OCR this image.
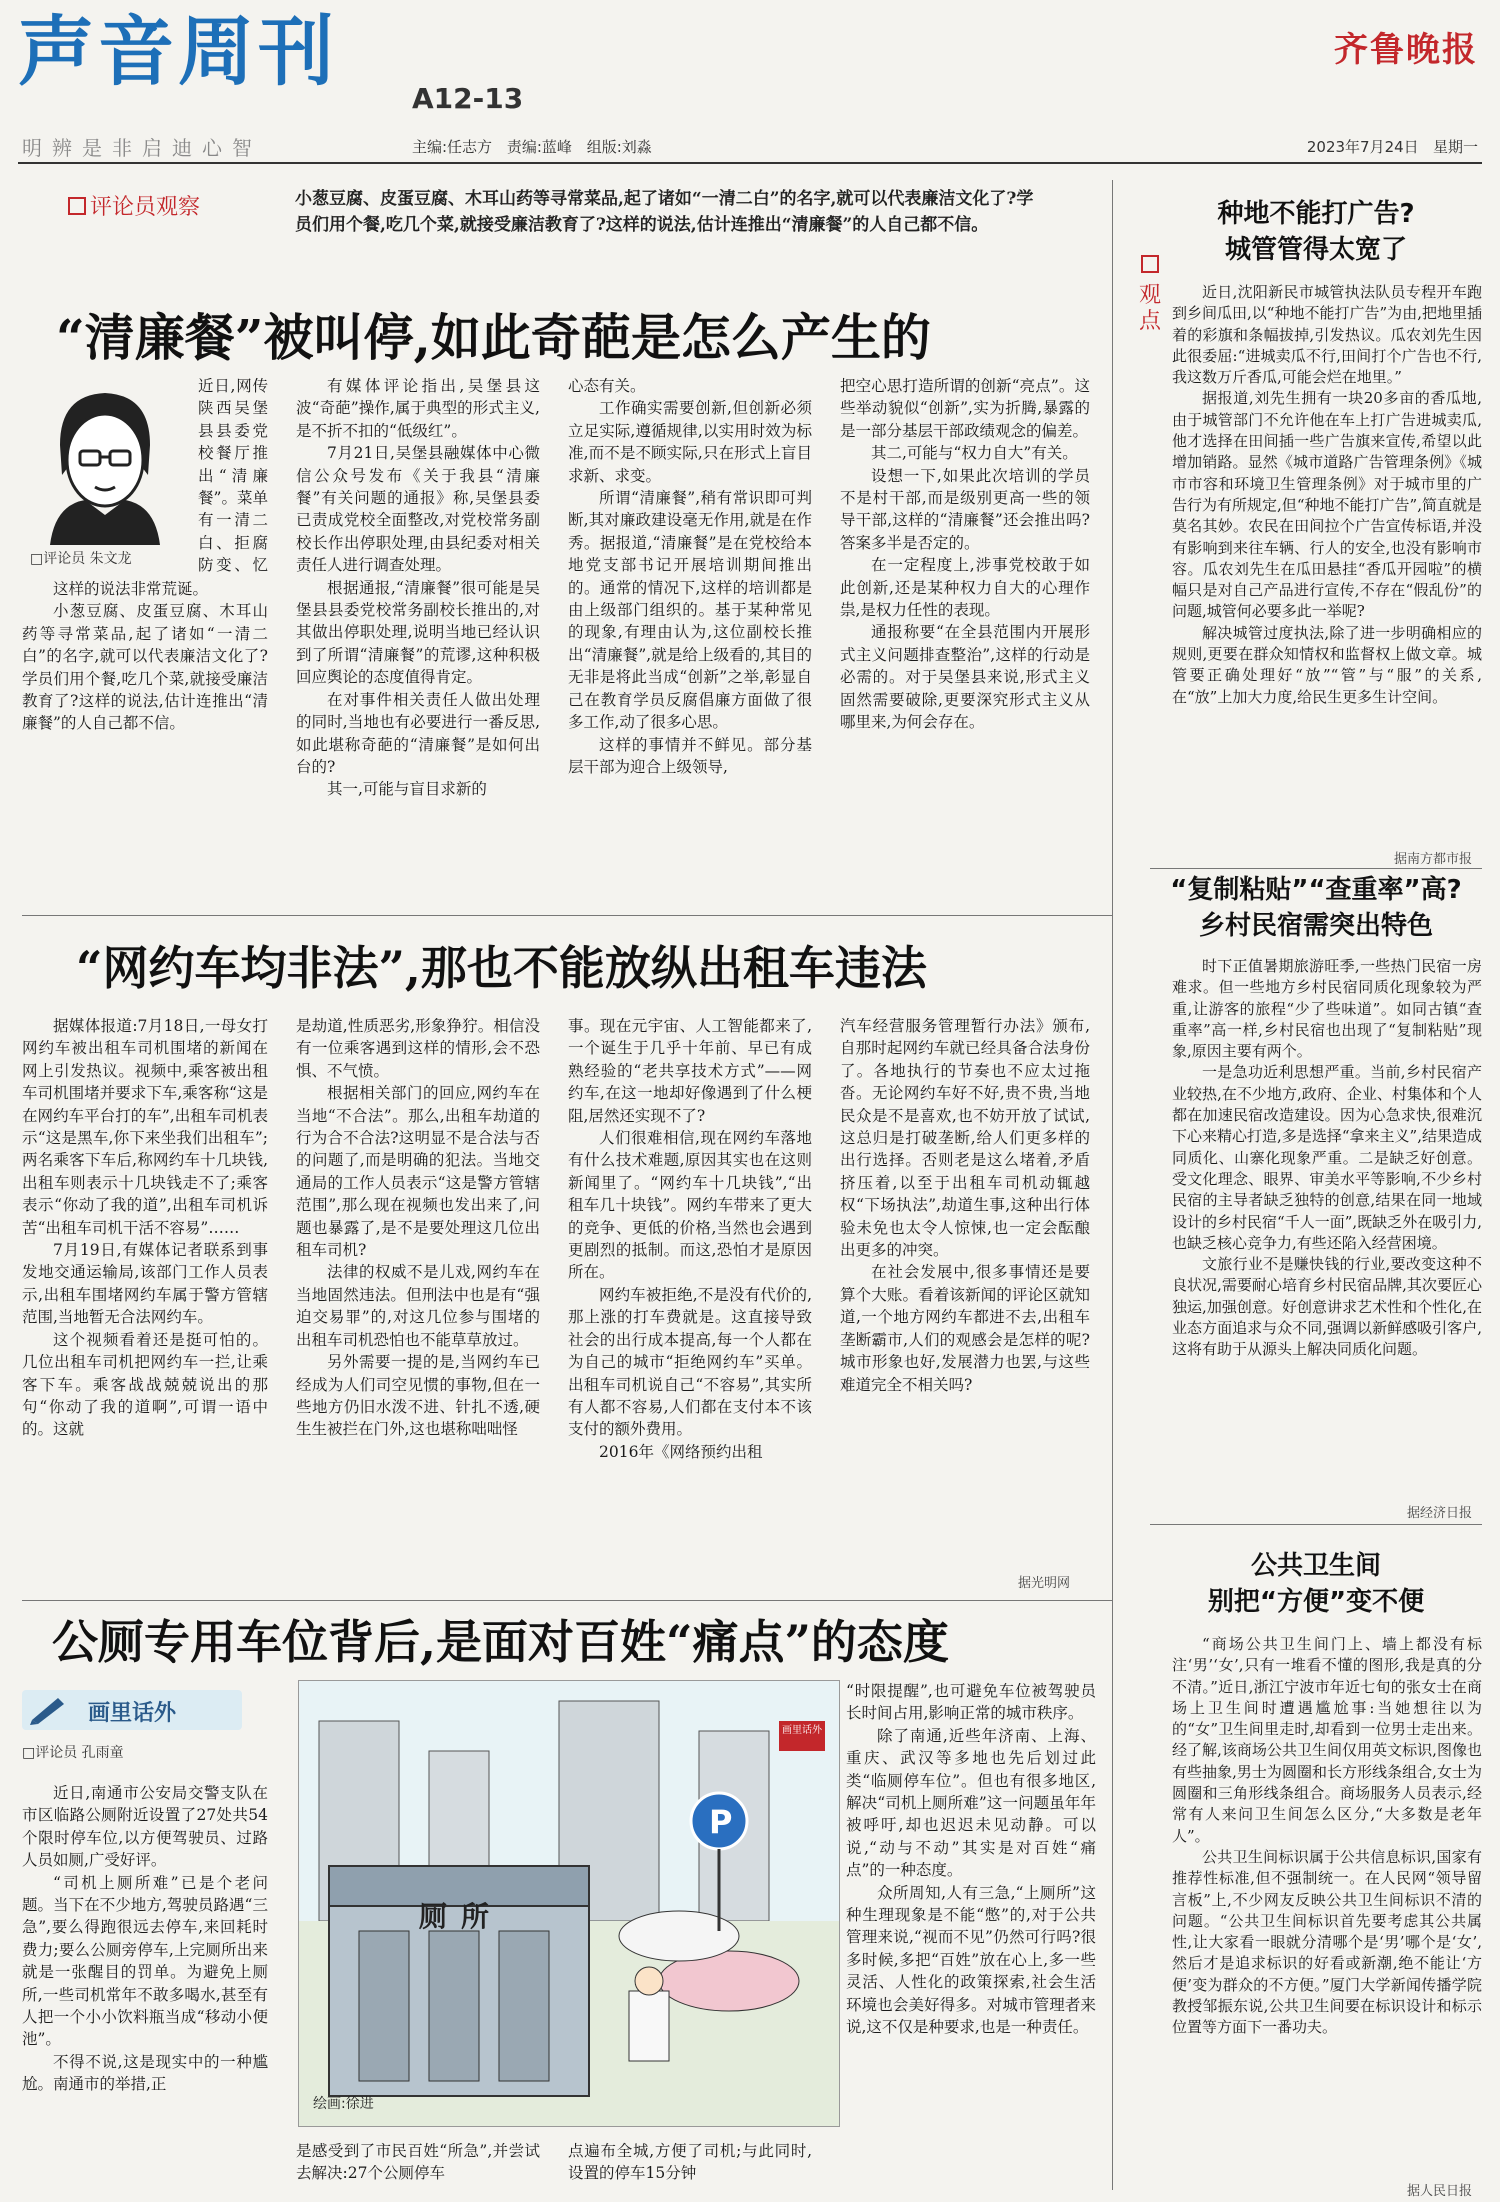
声音周刊
A12-13
齐鲁晚报
明辨是非启迪心智	主编:任志方 责编:蓝峰 组版:刘淼	2023年7月24日 星期一
评论员观察	小葱豆腐、皮蛋豆腐、木耳山药等寻常菜品,起了诸如“一清二白”的名字,就可以代表廉洁文化了?学员们用个餐,吃几个菜,就接受廉洁教育了?这样的说法,估计连推出“清廉餐”的人自己都不信。
“清廉餐”被叫停,如此奇葩是怎么产生的
□评论员 朱文龙

近日,网传陕西吴堡县县委党校餐厅推出“清廉餐”。菜单有一清二白、拒腐防变、忆

这样的说法非常荒诞。

小葱豆腐、皮蛋豆腐、木耳山药等寻常菜品,起了诸如“一清二白”的名字,就可以代表廉洁文化了?学员们用个餐,吃几个菜,就接受廉洁教育了?这样的说法,估计连推出“清廉餐”的人自己都不信。

有媒体评论指出,吴堡县这波“奇葩”操作,属于典型的形式主义,是不折不扣的“低级红”。

7月21日,吴堡县融媒体中心微信公众号发布《关于我县“清廉餐”有关问题的通报》称,吴堡县委已责成党校全面整改,对党校常务副校长作出停职处理,由县纪委对相关责任人进行调查处理。

根据通报,“清廉餐”很可能是吴堡县县委党校常务副校长推出的,对其做出停职处理,说明当地已经认识到了所谓“清廉餐”的荒谬,这种积极回应舆论的态度值得肯定。

在对事件相关责任人做出处理的同时,当地也有必要进行一番反思,如此堪称奇葩的“清廉餐”是如何出台的?

其一,可能与盲目求新的

心态有关。

工作确实需要创新,但创新必须立足实际,遵循规律,以实用时效为标准,而不是不顾实际,只在形式上盲目求新、求变。

所谓“清廉餐”,稍有常识即可判断,其对廉政建设毫无作用,就是在作秀。据报道,“清廉餐”是在党校给本地党支部书记开展培训期间推出的。通常的情况下,这样的培训都是由上级部门组织的。基于某种常见的现象,有理由认为,这位副校长推出“清廉餐”,就是给上级看的,其目的无非是将此当成“创新”之举,彰显自己在教育学员反腐倡廉方面做了很多工作,动了很多心思。

这样的事情并不鲜见。部分基层干部为迎合上级领导,

把空心思打造所谓的创新“亮点”。这些举动貌似“创新”,实为折腾,暴露的是一部分基层干部政绩观念的偏差。

其二,可能与“权力自大”有关。

设想一下,如果此次培训的学员不是村干部,而是级别更高一些的领导干部,这样的“清廉餐”还会推出吗?答案多半是否定的。

在一定程度上,涉事党校敢于如此创新,还是某种权力自大的心理作祟,是权力任性的表现。

通报称要“在全县范围内开展形式主义问题排查整治”,这样的行动是必需的。对于吴堡县来说,形式主义固然需要破除,更要深究形式主义从哪里来,为何会存在。

“网约车均非法”,那也不能放纵出租车违法

据媒体报道:7月18日,一母女打网约车被出租车司机围堵的新闻在网上引发热议。视频中,乘客被出租车司机围堵并要求下车,乘客称“这是在网约车平台打的车”,出租车司机表示“这是黑车,你下来坐我们出租车”;两名乘客下车后,称网约车十几块钱,出租车则表示十几块钱走不了;乘客表示“你动了我的道”,出租车司机诉苦“出租车司机干活不容易”……

7月19日,有媒体记者联系到事发地交通运输局,该部门工作人员表示,出租车围堵网约车属于警方管辖范围,当地暂无合法网约车。

这个视频看着还是挺可怕的。几位出租车司机把网约车一拦,让乘客下车。乘客战战兢兢说出的那句“你动了我的道啊”,可谓一语中的。这就

是劫道,性质恶劣,形象狰狞。相信没有一位乘客遇到这样的情形,会不恐惧、不气愤。

根据相关部门的回应,网约车在当地“不合法”。那么,出租车劫道的行为合不合法?这明显不是合法与否的问题了,而是明确的犯法。当地交通局的工作人员表示“这是警方管辖范围”,那么现在视频也发出来了,问题也暴露了,是不是要处理这几位出租车司机?

法律的权威不是儿戏,网约车在当地固然违法。但刑法中也是有“强迫交易罪”的,对这几位参与围堵的出租车司机恐怕也不能草草放过。

另外需要一提的是,当网约车已经成为人们司空见惯的事物,但在一些地方仍旧水泼不进、针扎不透,硬生生被拦在门外,这也堪称咄咄怪

事。现在元宇宙、人工智能都来了,一个诞生于几乎十年前、早已有成熟经验的“老共享技术方式”——网约车,在这一地却好像遇到了什么梗阻,居然还实现不了?

人们很难相信,现在网约车落地有什么技术难题,原因其实也在这则新闻里了。“网约车十几块钱”,“出租车几十块钱”。网约车带来了更大的竞争、更低的价格,当然也会遇到更剧烈的抵制。而这,恐怕才是原因所在。

网约车被拒绝,不是没有代价的,那上涨的打车费就是。这直接导致社会的出行成本提高,每一个人都在为自己的城市“拒绝网约车”买单。出租车司机说自己“不容易”,其实所有人都不容易,人们都在支付本不该支付的额外费用。

2016年《网络预约出租

汽车经营服务管理暂行办法》颁布,自那时起网约车就已经具备合法身份了。各地执行的节奏也不应太过拖沓。无论网约车好不好,贵不贵,当地民众是不是喜欢,也不妨开放了试试,这总归是打破垄断,给人们更多样的出行选择。否则老是这么堵着,矛盾挤压着,以至于出租车司机动辄越权“下场执法”,劫道生事,这种出行体验未免也太令人惊悚,也一定会酝酿出更多的冲突。

在社会发展中,很多事情还是要算个大账。看着该新闻的评论区就知道,一个地方网约车都进不去,出租车垄断霸市,人们的观感会是怎样的呢?城市形象也好,发展潜力也罢,与这些难道完全不相关吗?

据光明网
公厕专用车位背后,是面对百姓“痛点”的态度
画里话外
□评论员 孔雨童

近日,南通市公安局交警支队在市区临路公厕附近设置了27处共54个限时停车位,以方便驾驶员、过路人员如厕,广受好评。

“司机上厕所难”已是个老问题。当下在不少地方,驾驶员路遇“三急”,要么得跑很远去停车,来回耗时费力;要么公厕旁停车,上完厕所出来就是一张醒目的罚单。为避免上厕所,一些司机常年不敢多喝水,甚至有人把一个小小饮料瓶当成“移动小便池”。

不得不说,这是现实中的一种尴尬。南通市的举措,正

P
厕所
绘画:徐进
画里话外

是感受到了市民百姓“所急”,并尝试去解决:27个公厕停车

点遍布全城,方便了司机;与此同时,设置的停车15分钟

“时限提醒”,也可避免车位被驾驶员长时间占用,影响正常的城市秩序。

除了南通,近些年济南、上海、重庆、武汉等多地也先后划过此类“临厕停车位”。但也有很多地区,解决“司机上厕所难”这一问题虽年年被呼吁,却也迟迟未见动静。可以说,“动与不动”其实是对百姓“痛点”的一种态度。

众所周知,人有三急,“上厕所”这种生理现象是不能“憋”的,对于公共管理来说,“视而不见”仍然可行吗?很多时候,多把“百姓”放在心上,多一些灵活、人性化的政策探索,社会生活环境也会美好得多。对城市管理者来说,这不仅是种要求,也是一种责任。

观点
种地不能打广告?
城管管得太宽了

近日,沈阳新民市城管执法队员专程开车跑到乡间瓜田,以“种地不能打广告”为由,把地里插着的彩旗和条幅拔掉,引发热议。瓜农刘先生因此很委屈:“进城卖瓜不行,田间打个广告也不行,我这数万斤香瓜,可能会烂在地里。”

据报道,刘先生拥有一块20多亩的香瓜地,由于城管部门不允许他在车上打广告进城卖瓜,他才选择在田间插一些广告旗来宣传,希望以此增加销路。显然《城市道路广告管理条例》《城市市容和环境卫生管理条例》对于城市里的广告行为有所规定,但“种地不能打广告”,简直就是莫名其妙。农民在田间拉个广告宣传标语,并没有影响到来往车辆、行人的安全,也没有影响市容。瓜农刘先生在瓜田悬挂“香瓜开园啦”的横幅只是对自己产品进行宣传,不存在“假乱份”的问题,城管何必要多此一举呢?

解决城管过度执法,除了进一步明确相应的规则,更要在群众知情权和监督权上做文章。城管要正确处理好“放”“管”与“服”的关系,在“放”上加大力度,给民生更多生计空间。

据南方都市报
“复制粘贴”“查重率”高?
乡村民宿需突出特色

时下正值暑期旅游旺季,一些热门民宿一房难求。但一些地方乡村民宿同质化现象较为严重,让游客的旅程“少了些味道”。如同古镇“查重率”高一样,乡村民宿也出现了“复制粘贴”现象,原因主要有两个。

一是急功近利思想严重。当前,乡村民宿产业较热,在不少地方,政府、企业、村集体和个人都在加速民宿改造建设。因为心急求快,很难沉下心来精心打造,多是选择“拿来主义”,结果造成同质化、山寨化现象严重。二是缺乏好创意。受文化理念、眼界、审美水平等影响,不少乡村民宿的主导者缺乏独特的创意,结果在同一地域设计的乡村民宿“千人一面”,既缺乏外在吸引力,也缺乏核心竞争力,有些还陷入经营困境。

文旅行业不是赚快钱的行业,要改变这种不良状况,需要耐心培育乡村民宿品牌,其次要匠心独运,加强创意。好创意讲求艺术性和个性化,在业态方面追求与众不同,强调以新鲜感吸引客户,这将有助于从源头上解决同质化问题。

据经济日报
公共卫生间
别把“方便”变不便

“商场公共卫生间门上、墙上都没有标注‘男’‘女’,只有一堆看不懂的图形,我是真的分不清。”近日,浙江宁波市年近七旬的张女士在商场上卫生间时遭遇尴尬事:当她想往以为的“女”卫生间里走时,却看到一位男士走出来。经了解,该商场公共卫生间仅用英文标识,图像也有些抽象,男士为圆圈和长方形线条组合,女士为圆圈和三角形线条组合。商场服务人员表示,经常有人来问卫生间怎么区分,“大多数是老年人”。

公共卫生间标识属于公共信息标识,国家有推荐性标准,但不强制统一。在人民网“领导留言板”上,不少网友反映公共卫生间标识不清的问题。“公共卫生间标识首先要考虑其公共属性,让大家看一眼就分清哪个是‘男’哪个是‘女’,然后才是追求标识的好看或新潮,绝不能让‘方便’变为群众的不方便。”厦门大学新闻传播学院教授邹振东说,公共卫生间要在标识设计和标示位置等方面下一番功夫。

据人民日报
